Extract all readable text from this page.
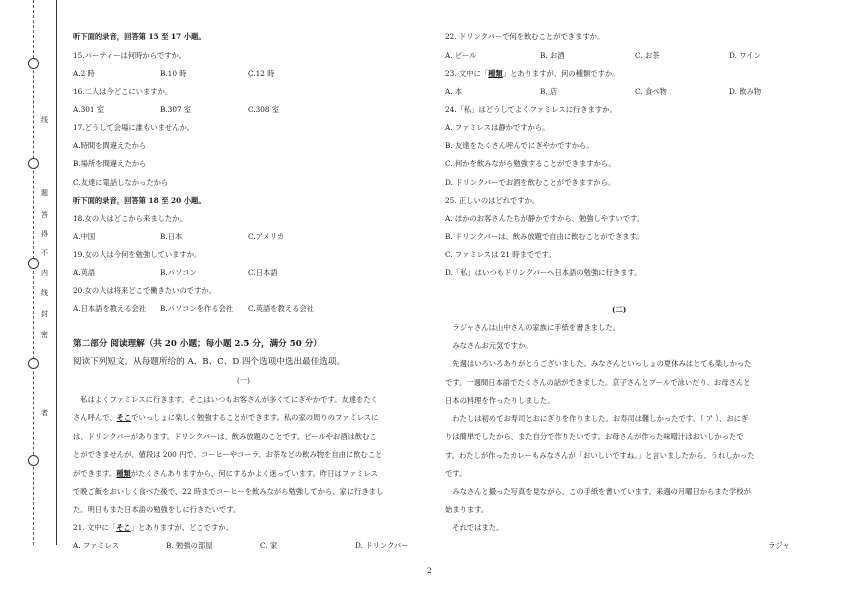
线
题
答
得
不
内
线
封
密
者
听下面的录音，回答第 15 至 17 小题。
15.パーティーは何時からですか。
A.2 時	B.10 時	C.12 時
16.二人は今どこにいますか。
A.301 室	B.307 室	C.308 室
17.どうして会場に誰もいませんか。
A.時間を間違えたから
B.場所を間違えたから
C.友達に電話しなかったから
听下面的录音，回答第 18 至 20 小题。
18.女の人はどこから来ましたか。
A.中国	B.日本	C.アメリカ
19.女の人は今何を勉強していますか。
A.英語	B.パソコン	C.日本語
20.女の人は将来どこで働きたいのですか。
A.日本語を教える会社 B.パソコンを作る会社 C.英語を教える会社
第二部分 阅读理解（共 20 小题；每小题 2.5 分，满分 50 分）
阅读下列短文，从每题所给的 A、B、C、D 四个选项中选出最佳选项。
(一)
　私はよくファミレスに行きます。そこはいつもお客さんが多くてにぎやかです。友達をたく
さん呼んで、そこでいっしょに楽しく勉強することができます。私の家の周りのファミレスに
は、ドリンクバーがあります。ドリンクバーは、飲み放題のことです。ビールやお酒は飲むこ
とができませんが、値段は 200 円で、コーヒーやコーラ、お茶などの飲み物を自由に飲むこと
ができます。種類がたくさんありますから、何にするかよく迷っています。昨日はファミレス
で晩ご飯をおいしく食べた後で、22 時までコーヒーを飲みながら勉強してから、家に行きまし
た。明日もまた日本語の勉強をしに行きたいです。
21. 文中に「そこ」とありますが、どこですか。
A. ファミレス	B. 勉強の部屋	C. 家	D. ドリンクバー
22. ドリンクバーで何を飲むことができますか。
A. ビール	B. お酒	C. お茶	D. ワイン
23. 文中に「種類」とありますが、何の種類ですか。
A. 本	B. 店	C. 食べ物	D. 飲み物
24.「私」はどうしてよくファミレスに行きますか。
A. ファミレスは静かですから。
B. 友達をたくさん呼んでにぎやかですから。
C. 何かを飲みながら勉強することができますから。
D. ドリンクバーでお酒を飲むことができますから。
25. 正しいのはどれですか。
A. ほかのお客さんたちが静かですから、勉強しやすいです。
B. ドリンクバーは、飲み放題で自由に飲むことができます。
C. ファミレスは 21 時までです。
D.「私」はいつもドリンクバーへ日本語の勉強に行きます。
(二)
　ラジャさんは山中さんの家族に手紙を書きました。
　みなさんお元気ですか。
　先週はいろいろありがとうございました。みなさんといっしょの夏休みはとても楽しかった
です。一週間日本語でたくさんの話ができました。京子さんとプールで泳いだり、お母さんと
日本の料理を作ったりしました。
　わたしは初めてお寿司とおにぎりを作りました。お寿司は難しかったです。（ ア ）、おにぎ
りは簡単でしたから、また自分で作りたいです。お母さんが作った味噌汁はおいしかったで
す。わたしが作ったカレーもみなさんが「おいしいですね。」と言いましたから、うれしかった
です。
　みなさんと撮った写真を見ながら、この手紙を書いています。来週の月曜日からまた学校が
始まります。
　それではまた。
ラジャ
2
